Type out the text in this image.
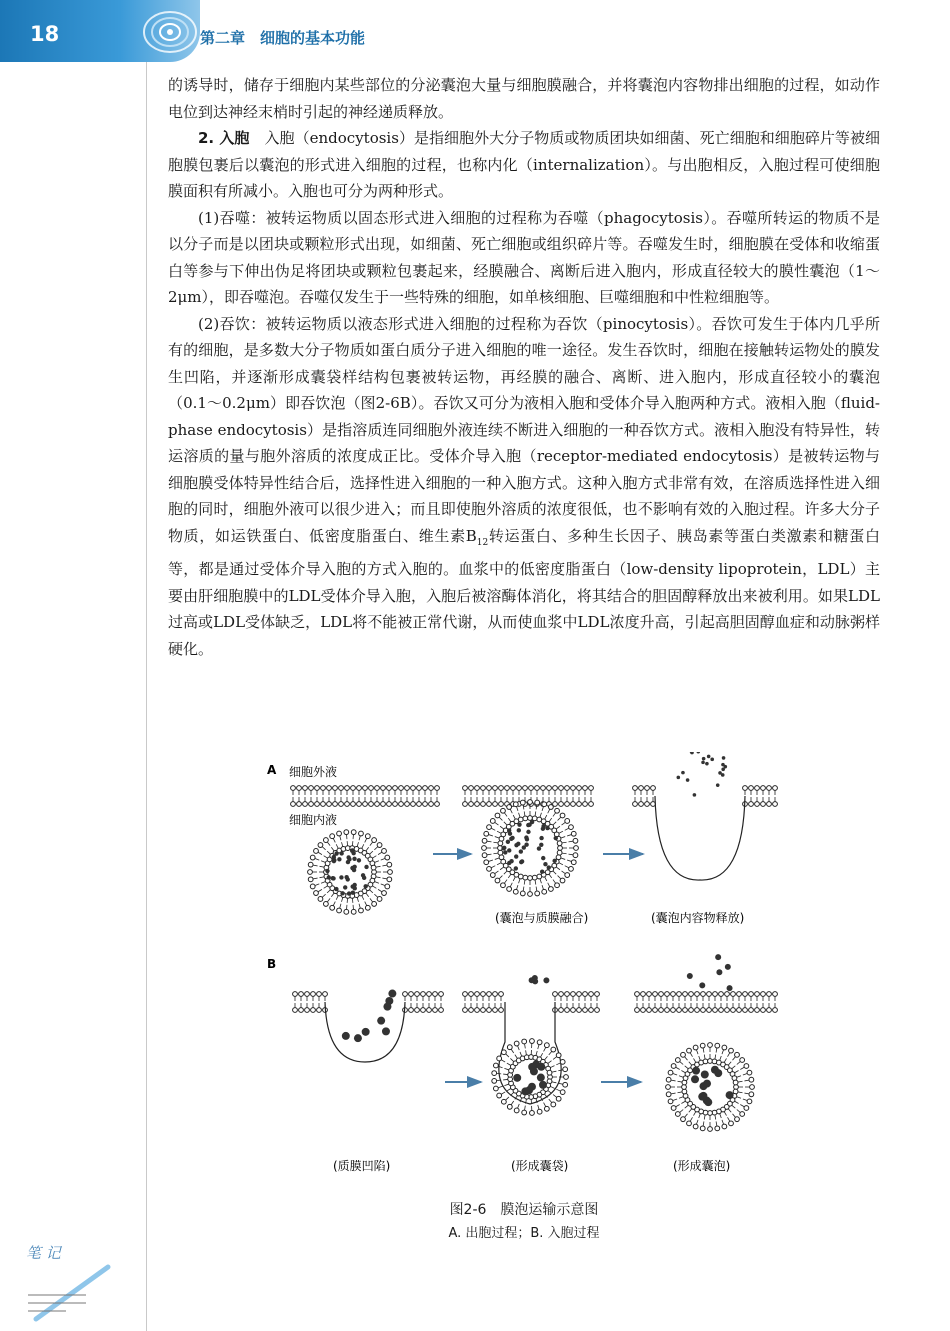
18	第二章　细胞的基本功能

的诱导时，储存于细胞内某些部位的分泌囊泡大量与细胞膜融合，并将囊泡内容物排出细胞的过程，如动作电位到达神经末梢时引起的神经递质释放。

2. 入胞　 入胞（endocytosis）是指细胞外大分子物质或物质团块如细菌、死亡细胞和细胞碎片等被细胞膜包裹后以囊泡的形式进入细胞的过程，也称内化（internalization）。与出胞相反，入胞过程可使细胞膜面积有所减小。入胞也可分为两种形式。

(1)吞噬：被转运物质以固态形式进入细胞的过程称为吞噬（phagocytosis）。吞噬所转运的物质不是以分子而是以团块或颗粒形式出现，如细菌、死亡细胞或组织碎片等。吞噬发生时，细胞膜在受体和收缩蛋白等参与下伸出伪足将团块或颗粒包裹起来，经膜融合、离断后进入胞内，形成直径较大的膜性囊泡（1～2μm），即吞噬泡。吞噬仅发生于一些特殊的细胞，如单核细胞、巨噬细胞和中性粒细胞等。

(2)吞饮：被转运物质以液态形式进入细胞的过程称为吞饮（pinocytosis）。吞饮可发生于体内几乎所有的细胞，是多数大分子物质如蛋白质分子进入细胞的唯一途径。发生吞饮时，细胞在接触转运物处的膜发生凹陷，并逐渐形成囊袋样结构包裹被转运物，再经膜的融合、离断、进入胞内，形成直径较小的囊泡（0.1～0.2μm）即吞饮泡（图2-6B）。吞饮又可分为液相入胞和受体介导入胞两种方式。液相入胞（fluid-phase endocytosis）是指溶质连同细胞外液连续不断进入细胞的一种吞饮方式。液相入胞没有特异性，转运溶质的量与胞外溶质的浓度成正比。受体介导入胞（receptor-mediated endocytosis）是被转运物与细胞膜受体特异性结合后，选择性进入细胞的一种入胞方式。这种入胞方式非常有效，在溶质选择性进入细胞的同时，细胞外液可以很少进入；而且即使胞外溶质的浓度很低，也不影响有效的入胞过程。许多大分子物质，如运铁蛋白、低密度脂蛋白、维生素$B_{12}$转运蛋白、多种生长因子、胰岛素等蛋白类激素和糖蛋白等，都是通过受体介导入胞的方式入胞的。血浆中的低密度脂蛋白（low-density lipoprotein，LDL）主要由肝细胞膜中的LDL受体介导入胞，入胞后被溶酶体消化，将其结合的胆固醇释放出来被利用。如果LDL过高或LDL受体缺乏，LDL将不能被正常代谢，从而使血浆中LDL浓度升高，引起高胆固醇血症和动脉粥样硬化。

A 细胞外液
细胞内液
(囊泡与质膜融合)	(囊泡内容物释放)
B
(质膜凹陷)	(形成囊袋)	(形成囊泡)
图2-6　膜泡运输示意图
A. 出胞过程；B. 入胞过程
笔 记
